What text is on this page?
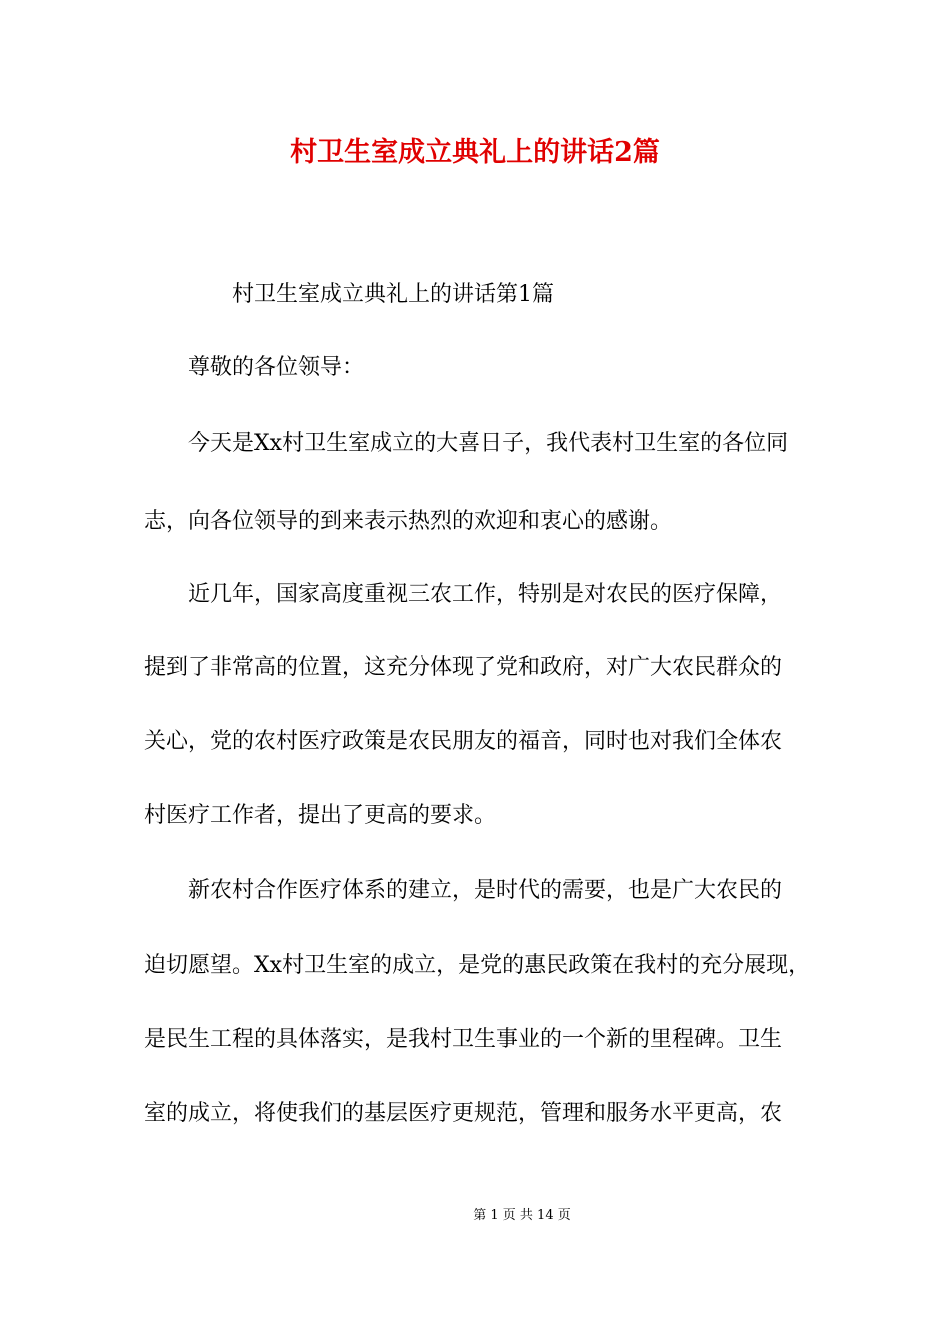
村卫生室成立典礼上的讲话2篇

村卫生室成立典礼上的讲话第1篇

尊敬的各位领导：

　　今天是Xx村卫生室成立的大喜日子，我代表村卫生室的各位同

志，向各位领导的到来表示热烈的欢迎和衷心的感谢。

　　近几年，国家高度重视三农工作，特别是对农民的医疗保障，

提到了非常高的位置，这充分体现了党和政府，对广大农民群众的

关心，党的农村医疗政策是农民朋友的福音，同时也对我们全体农

村医疗工作者，提出了更高的要求。

　　新农村合作医疗体系的建立，是时代的需要，也是广大农民的

迫切愿望。Xx村卫生室的成立，是党的惠民政策在我村的充分展现，

是民生工程的具体落实，是我村卫生事业的一个新的里程碑。卫生

室的成立，将使我们的基层医疗更规范，管理和服务水平更高，农

第 1 页 共 14 页
